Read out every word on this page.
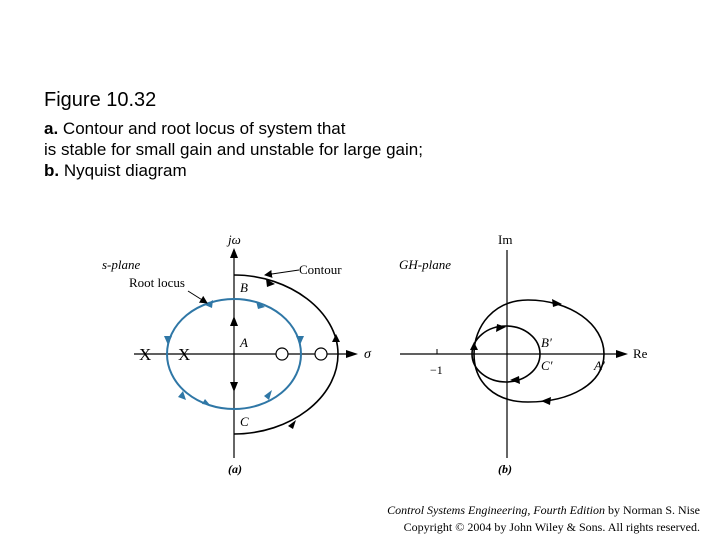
Figure 10.32

a. Contour and root locus of system that

is stable for small gain and unstable for large gain;

b. Nyquist diagram

X X
jω
σ
s-plane
Root locus
Contour
B
A
C
(a)
Im
Re
GH-plane
−1
B′
C′	A′
(b)
Control Systems Engineering, Fourth Edition by Norman S. Nise
Copyright © 2004 by John Wiley & Sons. All rights reserved.
